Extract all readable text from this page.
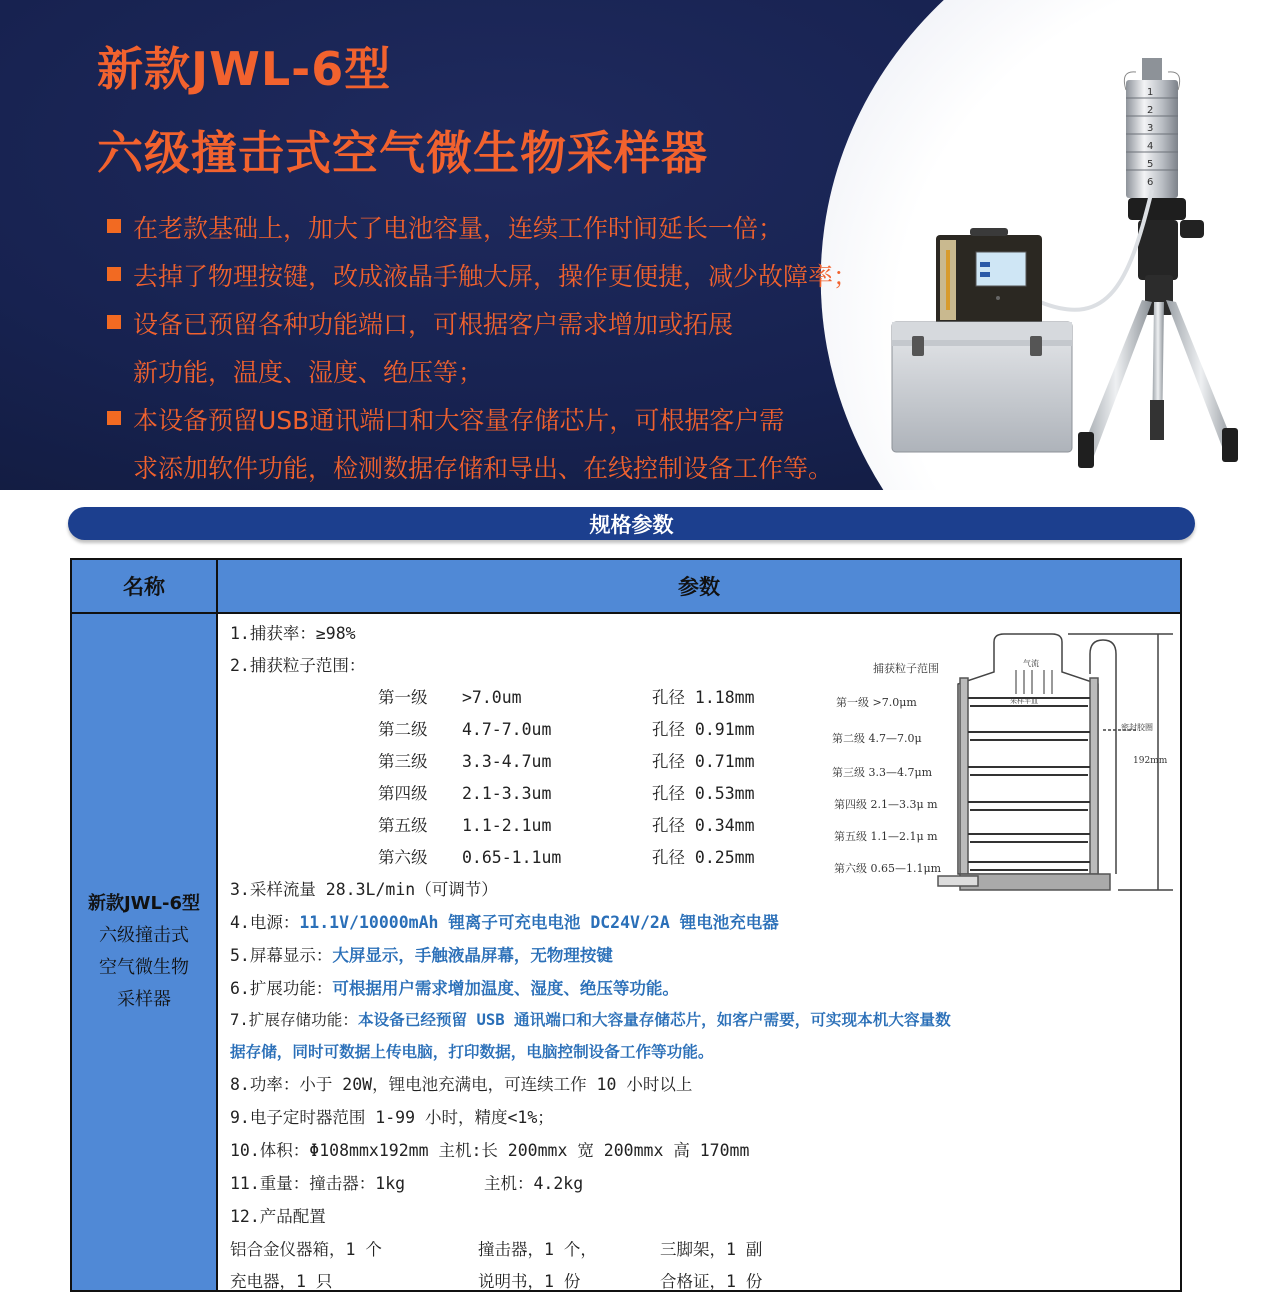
新款JWL-6型
六级撞击式空气微生物采样器
在老款基础上，加大了电池容量，连续工作时间延长一倍；
去掉了物理按键，改成液晶手触大屏，操作更便捷，减少故障率；
设备已预留各种功能端口，可根据客户需求增加或拓展
新功能，温度、湿度、绝压等；
本设备预留USB通讯端口和大容量存储芯片，可根据客户需
求添加软件功能，检测数据存储和导出、在线控制设备工作等。
1
2
3
4
5
6
规格参数
名称	参数
新款JWL-6型
六级撞击式
空气微生物
采样器
1.捕获率：≥98%
2.捕获粒子范围：
第一级 >7.0um	孔径 1.18mm
第二级 4.7-7.0um	孔径 0.91mm
第三级 3.3-4.7um	孔径 0.71mm
第四级 2.1-3.3um	孔径 0.53mm
第五级 1.1-2.1um	孔径 0.34mm
第六级 0.65-1.1um	孔径 0.25mm
3.采样流量 28.3L/min（可调节）
4.电源：11.1V/10000mAh 锂离子可充电电池 DC24V/2A 锂电池充电器
5.屏幕显示：大屏显示，手触液晶屏幕，无物理按键
6.扩展功能：可根据用户需求增加温度、湿度、绝压等功能。
7.扩展存储功能：本设备已经预留 USB 通讯端口和大容量存储芯片，如客户需要，可实现本机大容量数
据存储，同时可数据上传电脑，打印数据，电脑控制设备工作等功能。
8.功率：小于 20W，锂电池充满电，可连续工作 10 小时以上
9.电子定时器范围 1-99 小时，精度<1%；
10.体积：Φ108mmx192mm 主机:长 200mmx 宽 200mmx 高 170mm
11.重量：撞击器：1kg	主机：4.2kg
12.产品配置
铝合金仪器箱，1 个	撞击器，1 个，	三脚架，1 副
充电器，1 只	说明书，1 份	合格证，1 份
捕获粒子范围
第一级 >7.0μm
第二级 4.7—7.0μ
第三级 3.3—4.7μm
第四级 2.1—3.3μ m
第五级 1.1—2.1μ m
第六级 0.65—1.1μm
气流
采样平皿
密封胶圈
192mm
